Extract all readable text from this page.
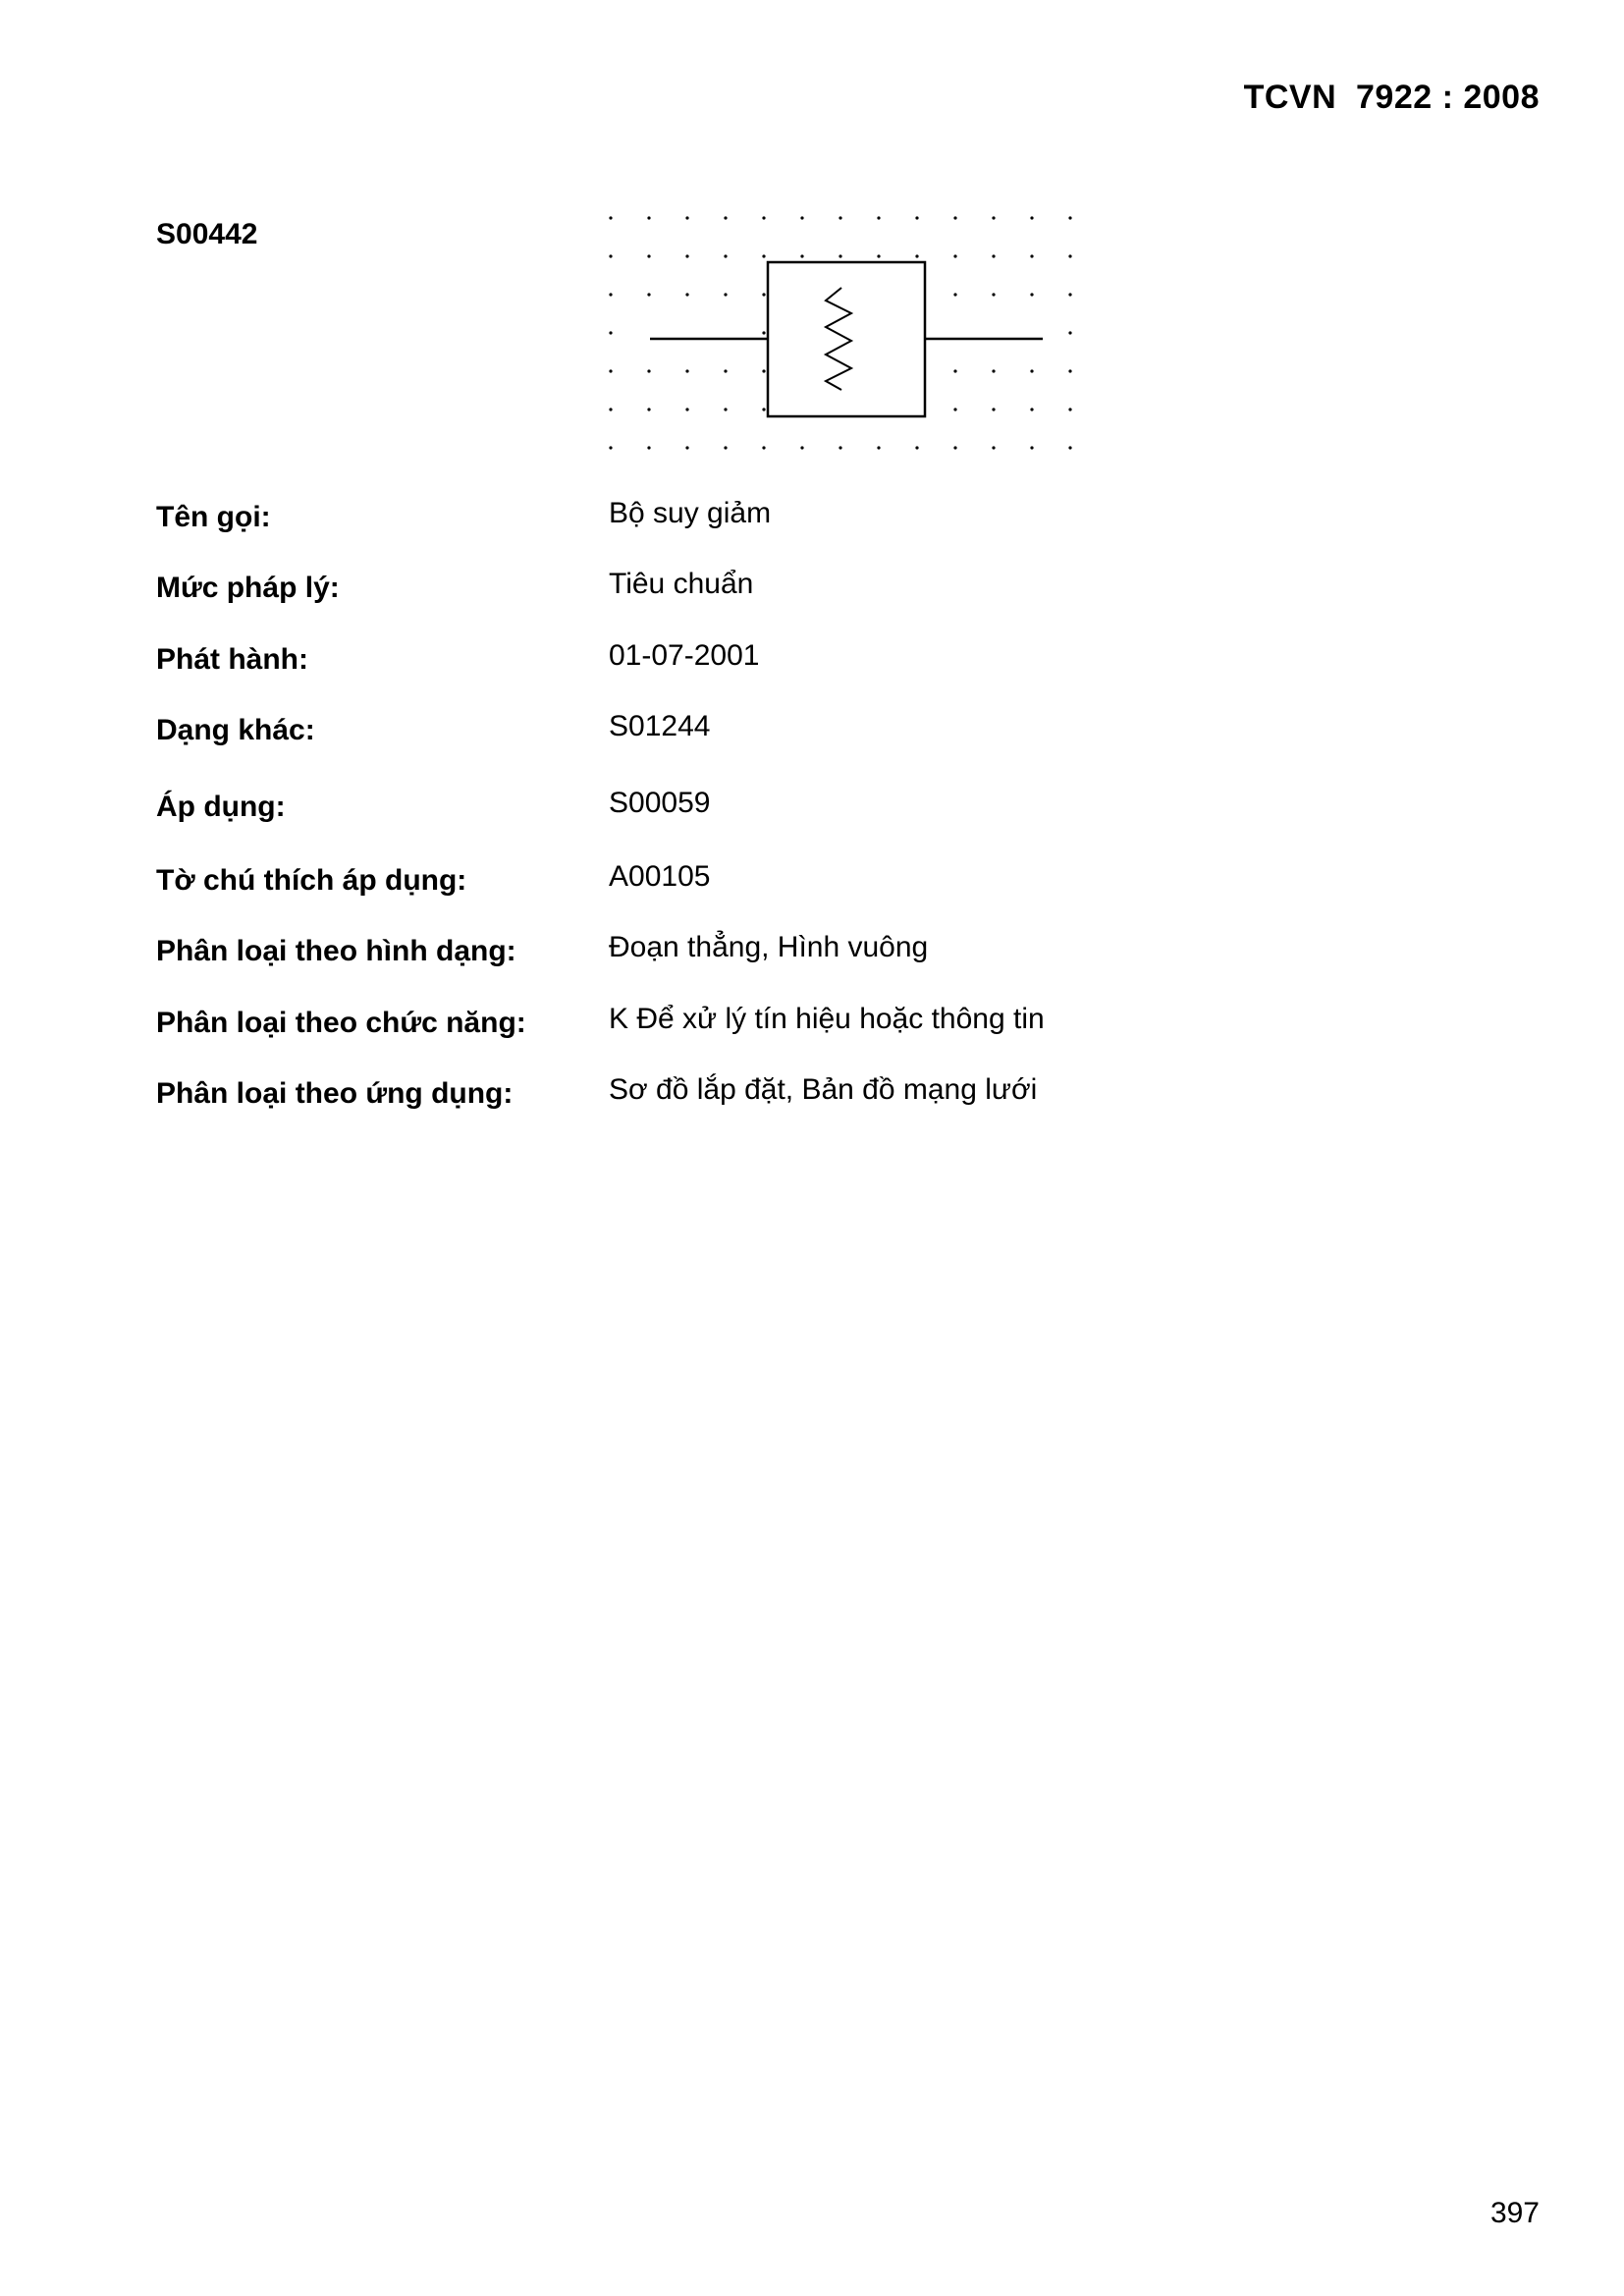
TCVN  7922 : 2008
S00442
Tên gọi:	Bộ suy giảm
Mức pháp lý:	Tiêu chuẩn
Phát hành:	01-07-2001
Dạng khác:	S01244
Áp dụng:	S00059
Tờ chú thích áp dụng:	A00105
Phân loại theo hình dạng:	Đoạn thẳng, Hình vuông
Phân loại theo chức năng:	K Để xử lý tín hiệu hoặc thông tin
Phân loại theo ứng dụng:	Sơ đồ lắp đặt, Bản đồ mạng lưới
397
